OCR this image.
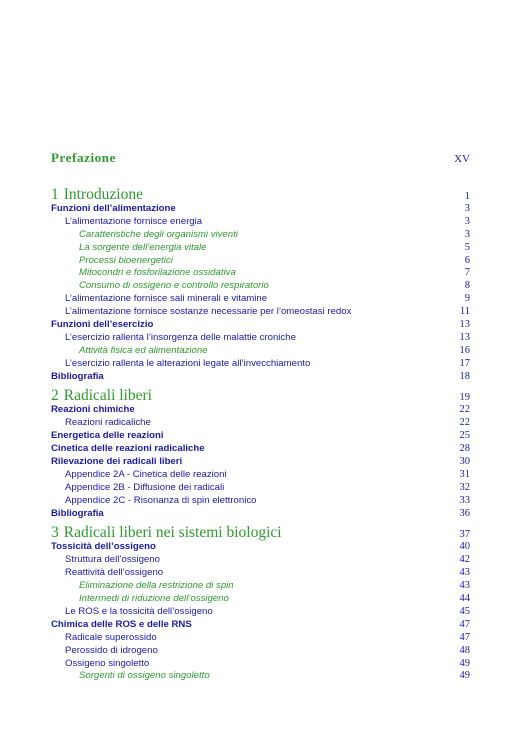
Prefazione	XV
1 Introduzione	1
Funzioni dell’alimentazione	3
L’alimentazione fornisce energia	3
Caratteristiche degli organismi viventi	3
La sorgente dell’energia vitale	5
Processi bioenergetici	6
Mitocondri e fosforilazione ossidativa	7
Consumo di ossigeno e controllo respiratorio	8
L’alimentazione fornisce sali minerali e vitamine	9
L’alimentazione fornisce sostanze necessarie per l’omeostasi redox	11
Funzioni dell’esercizio	13
L’esercizio rallenta l’insorgenza delle malattie croniche	13
Attività fisica ed alimentazione	16
L’esercizio rallenta le alterazioni legate all’invecchiamento	17
Bibliografia	18
2 Radicali liberi	19
Reazioni chimiche	22
Reazioni radicaliche	22
Energetica delle reazioni	25
Cinetica delle reazioni radicaliche	28
Rilevazione dei radicali liberi	30
Appendice 2A - Cinetica delle reazioni	31
Appendice 2B - Diffusione dei radicali	32
Appendice 2C - Risonanza di spin elettronico	33
Bibliografia	36
3 Radicali liberi nei sistemi biologici	37
Tossicità dell’ossigeno	40
Struttura dell’ossigeno	42
Reattività dell’ossigeno	43
Eliminazione della restrizione di spin	43
Intermedi di riduzione dell’ossigeno	44
Le ROS e la tossicità dell’ossigeno	45
Chimica delle ROS e delle RNS	47
Radicale superossido	47
Perossido di idrogeno	48
Ossigeno singoletto	49
Sorgenti di ossigeno singoletto	49
